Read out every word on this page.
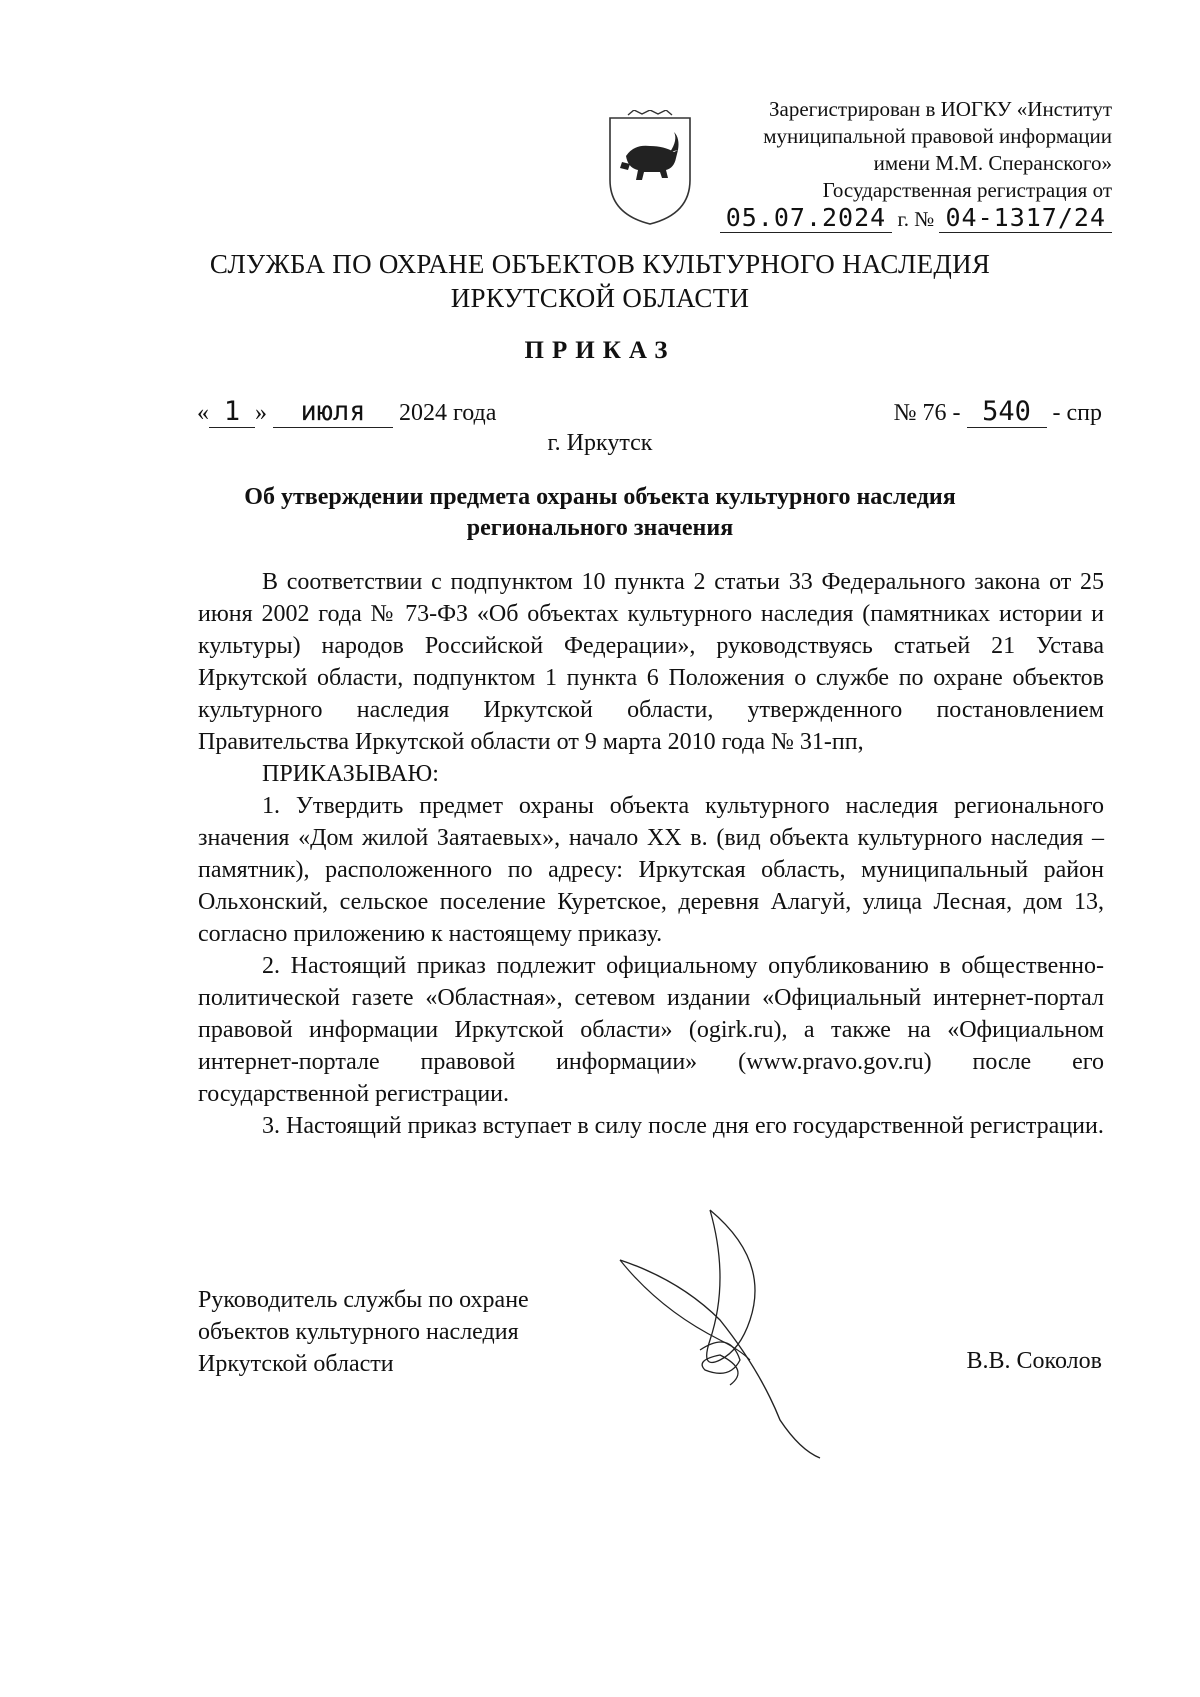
Зарегистрирован в ИОГКУ «Институт
муниципальной правовой информации
имени М.М. Сперанского»
Государственная регистрация от
05.07.2024 г. № 04-1317/24
СЛУЖБА ПО ОХРАНЕ ОБЪЕКТОВ КУЛЬТУРНОГО НАСЛЕДИЯ
ИРКУТСКОЙ ОБЛАСТИ
ПРИКАЗ
« 1 » июля 2024 года	№ 76 - 540 - спр
г. Иркутск
Об утверждении предмета охраны объекта культурного наследия
регионального значения

В соответствии с подпунктом 10 пункта 2 статьи 33 Федерального закона от 25 июня 2002 года № 73-ФЗ «Об объектах культурного наследия (памятниках истории и культуры) народов Российской Федерации», руководствуясь статьей 21 Устава Иркутской области, подпунктом 1 пункта 6 Положения о службе по охране объектов культурного наследия Иркутской области, утвержденного постановлением Правительства Иркутской области от 9 марта 2010 года № 31-пп,

ПРИКАЗЫВАЮ:

1. Утвердить предмет охраны объекта культурного наследия регионального значения «Дом жилой Заятаевых», начало XX в. (вид объекта культурного наследия – памятник), расположенного по адресу: Иркутская область, муниципальный район Ольхонский, сельское поселение Куретское, деревня Алагуй, улица Лесная, дом 13, согласно приложению к настоящему приказу.

2. Настоящий приказ подлежит официальному опубликованию в общественно-политической газете «Областная», сетевом издании «Официальный интернет-портал правовой информации Иркутской области» (ogirk.ru), а также на «Официальном интернет-портале правовой информации» (www.pravo.gov.ru) после его государственной регистрации.

3. Настоящий приказ вступает в силу после дня его государственной регистрации.

Руководитель службы по охране
объектов культурного наследия
Иркутской области	В.В. Соколов
